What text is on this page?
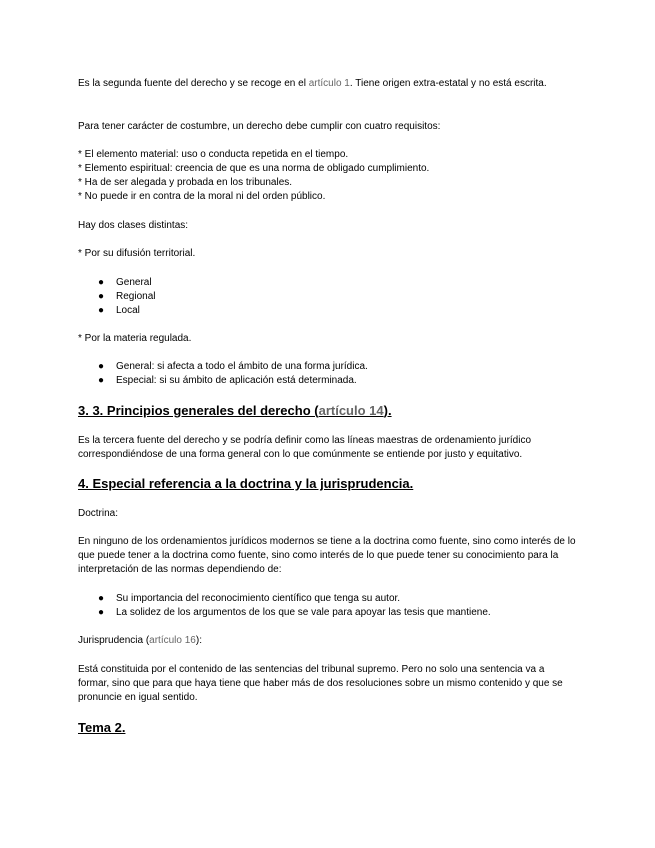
Es la segunda fuente del derecho y se recoge en el artículo 1. Tiene origen extra-estatal y no está escrita.

Para tener carácter de costumbre, un derecho debe cumplir con cuatro requisitos:

* El elemento material: uso o conducta repetida en el tiempo.

* Elemento espiritual: creencia de que es una norma de obligado cumplimiento.

* Ha de ser alegada y probada en los tribunales.

* No puede ir en contra de la moral ni del orden público.

Hay dos clases distintas:

* Por su difusión territorial.

● General
● Regional
● Local

* Por la materia regulada.

● General: si afecta a todo el ámbito de una forma jurídica.
● Especial: si su ámbito de aplicación está determinada.
3. 3. Principios generales del derecho (artículo 14).

Es la tercera fuente del derecho y se podría definir como las líneas maestras de ordenamiento jurídico correspondiéndose de una forma general con lo que comúnmente se entiende por justo y equitativo.

4. Especial referencia a la doctrina y la jurisprudencia.

Doctrina:

En ninguno de los ordenamientos jurídicos modernos se tiene a la doctrina como fuente, sino como interés de lo que puede tener a la doctrina como fuente, sino como interés de lo que puede tener su conocimiento para la interpretación de las normas dependiendo de:

● Su importancia del reconocimiento científico que tenga su autor.
● La solidez de los argumentos de los que se vale para apoyar las tesis que mantiene.

Jurisprudencia (artículo 16):

Está constituida por el contenido de las sentencias del tribunal supremo. Pero no solo una sentencia va a formar, sino que para que haya tiene que haber más de dos resoluciones sobre un mismo contenido y que se pronuncie en igual sentido.

Tema 2.
